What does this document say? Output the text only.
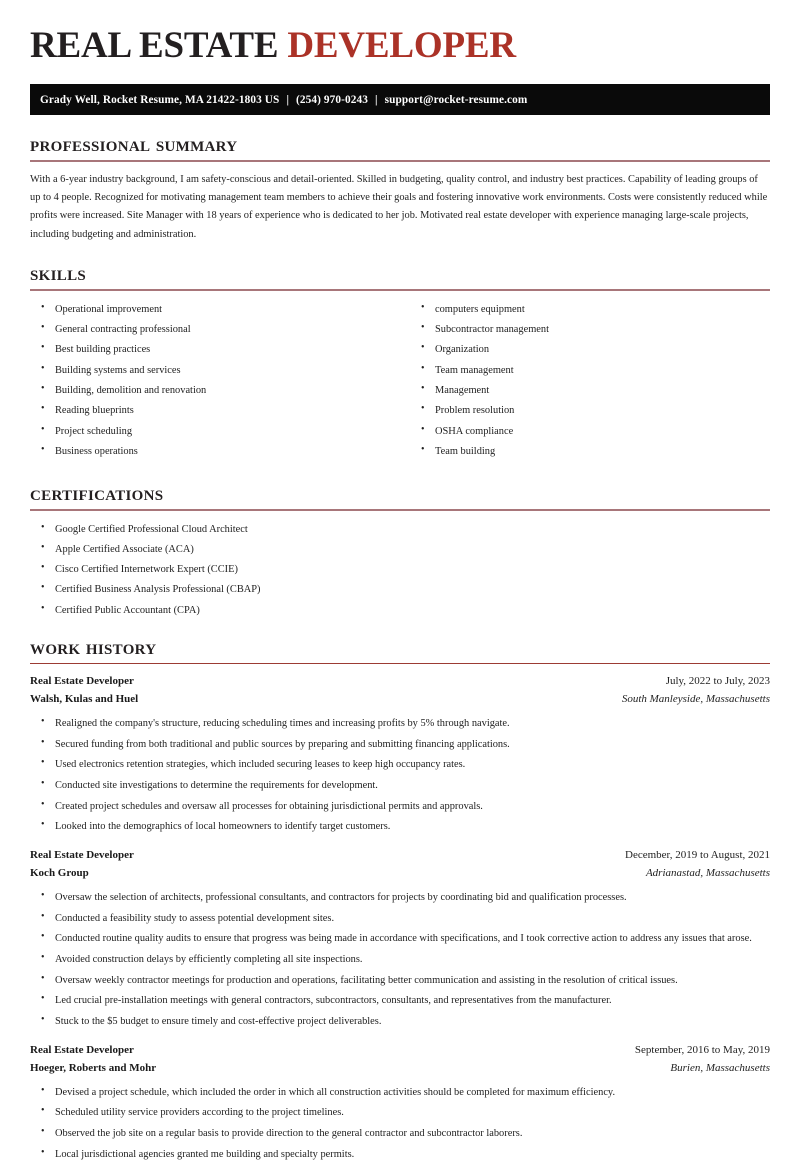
REAL ESTATE DEVELOPER
Grady Well, Rocket Resume, MA 21422-1803 US | (254) 970-0243 | support@rocket-resume.com
professional summary

With a 6-year industry background, I am safety-conscious and detail-oriented. Skilled in budgeting, quality control, and industry best practices. Capability of leading groups of up to 4 people. Recognized for motivating management team members to achieve their goals and fostering innovative work environments. Costs were consistently reduced while profits were increased. Site Manager with 18 years of experience who is dedicated to her job. Motivated real estate developer with experience managing large-scale projects, including budgeting and administration.

skills
• Operational improvement
• General contracting professional
• Best building practices
• Building systems and services
• Building, demolition and renovation
• Reading blueprints
• Project scheduling
• Business operations
• computers equipment
• Subcontractor management
• Organization
• Team management
• Management
• Problem resolution
• OSHA compliance
• Team building
certifications
• Google Certified Professional Cloud Architect
• Apple Certified Associate (ACA)
• Cisco Certified Internetwork Expert (CCIE)
• Certified Business Analysis Professional (CBAP)
• Certified Public Accountant (CPA)
work history
Real Estate Developer	July, 2022 to July, 2023
Walsh, Kulas and Huel	South Manleyside, Massachusetts
• Realigned the company's structure, reducing scheduling times and increasing profits by 5% through navigate.
• Secured funding from both traditional and public sources by preparing and submitting financing applications.
• Used electronics retention strategies, which included securing leases to keep high occupancy rates.
• Conducted site investigations to determine the requirements for development.
• Created project schedules and oversaw all processes for obtaining jurisdictional permits and approvals.
• Looked into the demographics of local homeowners to identify target customers.
Real Estate Developer	December, 2019 to August, 2021
Koch Group	Adrianastad, Massachusetts
• Oversaw the selection of architects, professional consultants, and contractors for projects by coordinating bid and qualification processes.
• Conducted a feasibility study to assess potential development sites.
• Conducted routine quality audits to ensure that progress was being made in accordance with specifications, and I took corrective action to address any issues that arose.
• Avoided construction delays by efficiently completing all site inspections.
• Oversaw weekly contractor meetings for production and operations, facilitating better communication and assisting in the resolution of critical issues.
• Led crucial pre-installation meetings with general contractors, subcontractors, consultants, and representatives from the manufacturer.
• Stuck to the $5 budget to ensure timely and cost-effective project deliverables.
Real Estate Developer	September, 2016 to May, 2019
Hoeger, Roberts and Mohr	Burien, Massachusetts
• Devised a project schedule, which included the order in which all construction activities should be completed for maximum efficiency.
• Scheduled utility service providers according to the project timelines.
• Observed the job site on a regular basis to provide direction to the general contractor and subcontractor laborers.
• Local jurisdictional agencies granted me building and specialty permits.
